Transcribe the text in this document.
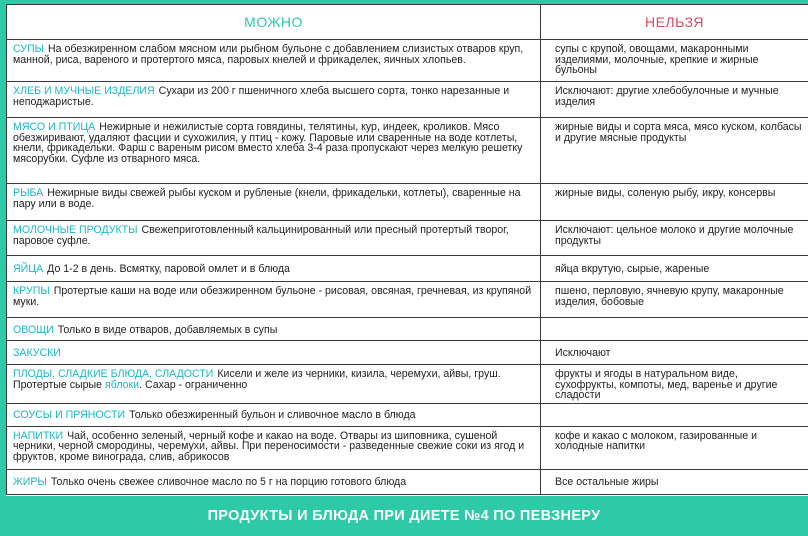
МОЖНО	НЕЛЬЗЯ
СУПЫ На обезжиренном слабом мясном или рыбном бульоне с добавлением слизистых отваров круп, манной, риса, вареного и протертого мяса, паровых кнелей и фрикаделек, яичных хлопьев.	супы с крупой, овощами, макаронными изделиями, молочные, крепкие и жирные бульоны
ХЛЕБ И МУЧНЫЕ ИЗДЕЛИЯ Сухари из 200 г пшеничного хлеба высшего сорта, тонко нарезанные и неподжаристые.	Исключают: другие хлебобулочные и мучные изделия
МЯСО И ПТИЦА Нежирные и нежилистые сорта говядины, телятины, кур, индеек, кроликов. Мясо обезжиривают, удаляют фасции и сухожилия, у птиц - кожу. Паровые или сваренные на воде котлеты, кнели, фрикадельки. Фарш с вареным рисом вместо хлеба 3-4 раза пропускают через мелкую решетку мясорубки. Суфле из отварного мяса.	жирные виды и сорта мяса, мясо куском, колбасы и другие мясные продукты
РЫБА Нежирные виды свежей рыбы куском и рубленые (кнели, фрикадельки, котлеты), сваренные на пару или в воде.	жирные виды, соленую рыбу, икру, консервы
МОЛОЧНЫЕ ПРОДУКТЫ Свежеприготовленный кальцинированный или пресный протертый творог, паровое суфле.	Исключают: цельное молоко и другие молочные продукты
ЯЙЦА До 1-2 в день. Всмятку, паровой омлет и в блюда	яйца вкрутую, сырые, жареные
КРУПЫ Протертые каши на воде или обезжиренном бульоне - рисовая, овсяная, гречневая, из крупяной муки.	пшено, перловую, ячневую крупу, макаронные изделия, бобовые
ОВОЩИ Только в виде отваров, добавляемых в супы	
ЗАКУСКИ	Исключают
ПЛОДЫ, СЛАДКИЕ БЛЮДА, СЛАДОСТИ Кисели и желе из черники, кизила, черемухи, айвы, груш. Протертые сырые яблоки. Сахар - ограниченно	фрукты и ягоды в натуральном виде, сухофрукты, компоты, мед, варенье и другие сладости
СОУСЫ И ПРЯНОСТИ Только обезжиренный бульон и сливочное масло в блюда	
НАПИТКИ Чай, особенно зеленый, черный кофе и какао на воде. Отвары из шиповника, сушеной черники, черной смородины, черемухи, айвы. При переносимости - разведенные свежие соки из ягод и фруктов, кроме винограда, слив, абрикосов	кофе и какао с молоком, газированные и холодные напитки
ЖИРЫ Только очень свежее сливочное масло по 5 г на порцию готового блюда	Все остальные жиры
ПРОДУКТЫ И БЛЮДА ПРИ ДИЕТЕ №4 ПО ПЕВЗНЕРУ
